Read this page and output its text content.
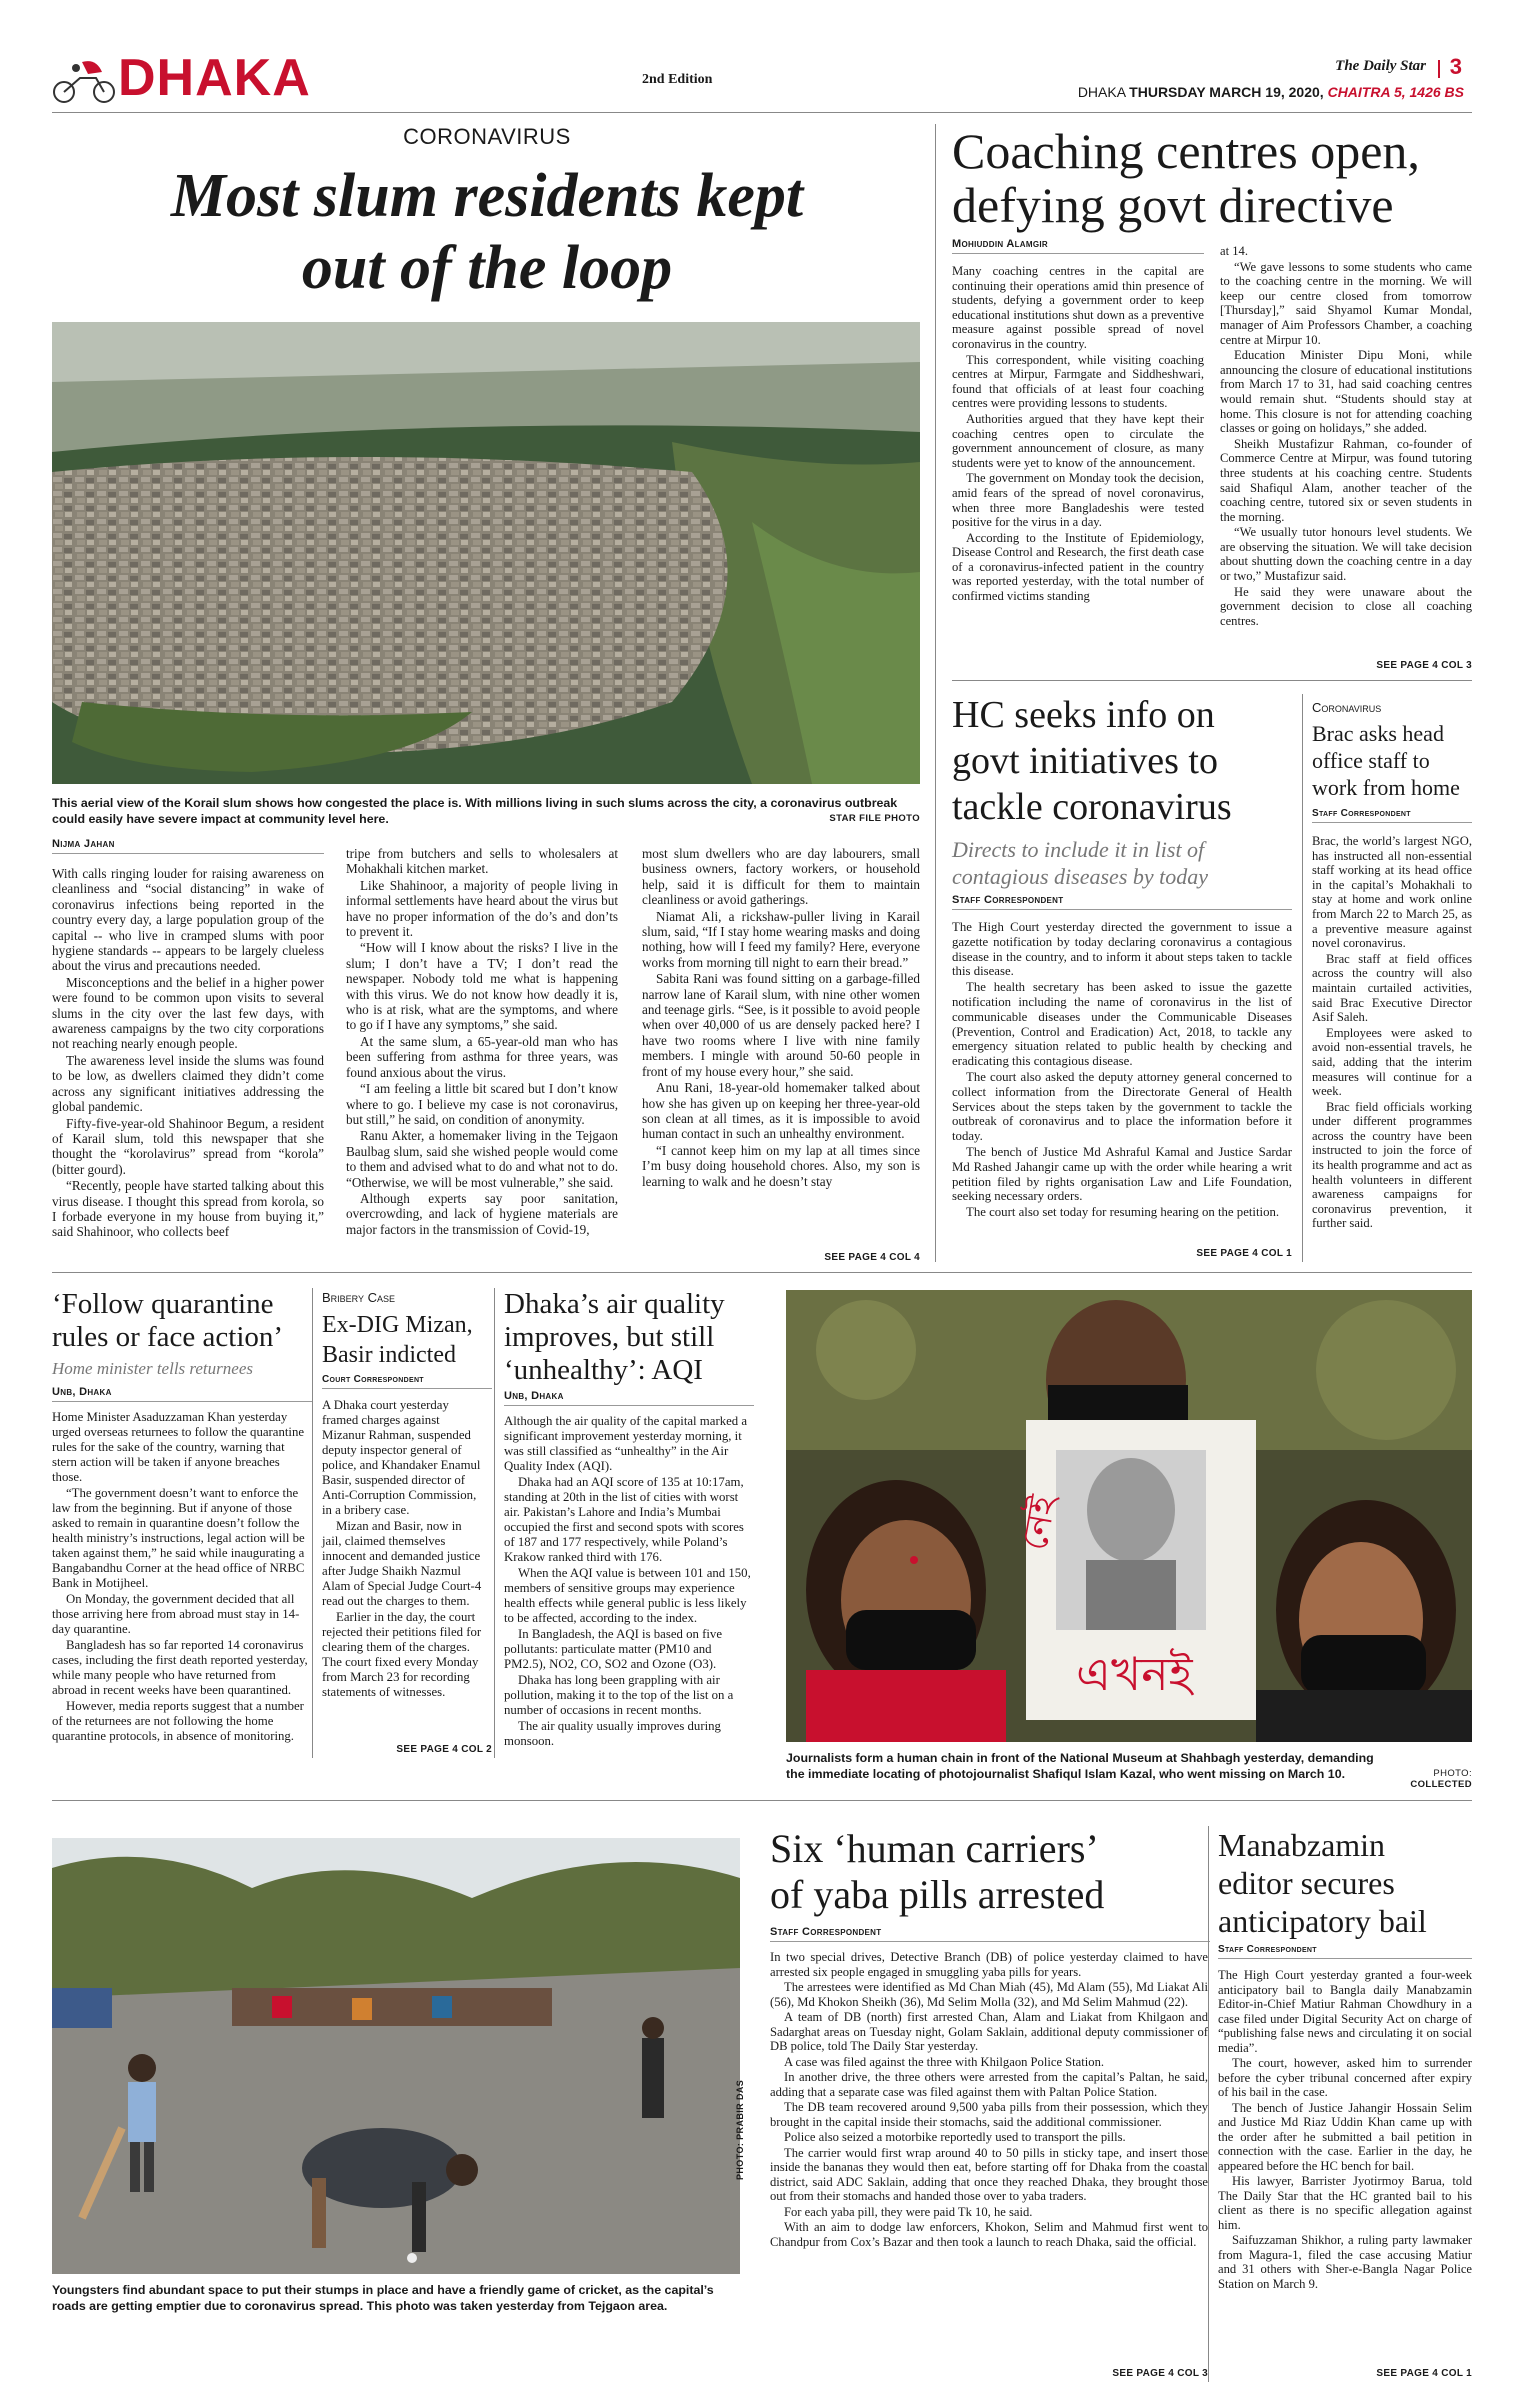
DHAKA	2nd Edition
The Daily Star 3
DHAKA THURSDAY MARCH 19, 2020, CHAITRA 5, 1426 BS
CORONAVIRUS
Most slum residents kept
out of the loop
This aerial view of the Korail slum shows how congested the place is. With millions living in such slums across the city, a coronavirus outbreak could easily have severe impact at community level here.	STAR FILE PHOTO
Nijma Jahan

With calls ringing louder for raising awareness on cleanliness and “social distancing” in wake of coronavirus infections being reported in the country every day, a large population group of the capital -- who live in cramped slums with poor hygiene standards -- appears to be largely clueless about the virus and precautions needed.

Misconceptions and the belief in a higher power were found to be common upon visits to several slums in the city over the last few days, with awareness campaigns by the two city corporations not reaching nearly enough people.

The awareness level inside the slums was found to be low, as dwellers claimed they didn’t come across any significant initiatives addressing the global pandemic.

Fifty-five-year-old Shahinoor Begum, a resident of Karail slum, told this newspaper that she thought the “korolavirus” spread from “korola” (bitter gourd).

“Recently, people have started talking about this virus disease. I thought this spread from korola, so I forbade everyone in my house from buying it,” said Shahinoor, who collects beef

tripe from butchers and sells to wholesalers at Mohakhali kitchen market.

Like Shahinoor, a majority of people living in informal settlements have heard about the virus but have no proper information of the do’s and don’ts to prevent it.

“How will I know about the risks? I live in the slum; I don’t have a TV; I don’t read the newspaper. Nobody told me what is happening with this virus. We do not know how deadly it is, who is at risk, what are the symptoms, and where to go if I have any symptoms,” she said.

At the same slum, a 65-year-old man who has been suffering from asthma for three years, was found anxious about the virus.

“I am feeling a little bit scared but I don’t know where to go. I believe my case is not coronavirus, but still,” he said, on condition of anonymity.

Ranu Akter, a homemaker living in the Tejgaon Baulbag slum, said she wished people would come to them and advised what to do and what not to do. “Otherwise, we will be most vulnerable,” she said.

Although experts say poor sanitation, overcrowding, and lack of hygiene materials are major factors in the transmission of Covid-19,

most slum dwellers who are day labourers, small business owners, factory workers, or household help, said it is difficult for them to maintain cleanliness or avoid gatherings.

Niamat Ali, a rickshaw-puller living in Karail slum, said, “If I stay home wearing masks and doing nothing, how will I feed my family? Here, everyone works from morning till night to earn their bread.”

Sabita Rani was found sitting on a garbage-filled narrow lane of Karail slum, with nine other women and teenage girls. “See, is it possible to avoid people when over 40,000 of us are densely packed here? I have two rooms where I live with nine family members. I mingle with around 50-60 people in front of my house every hour,” she said.

Anu Rani, 18-year-old homemaker talked about how she has given up on keeping her three-year-old son clean at all times, as it is impossible to avoid human contact in such an unhealthy environment.

“I cannot keep him on my lap at all times since I’m busy doing household chores. Also, my son is learning to walk and he doesn’t stay

SEE PAGE 4 COL 4
Coaching centres open,
defying govt directive
Mohiuddin Alamgir

Many coaching centres in the capital are continuing their operations amid thin presence of students, defying a government order to keep educational institutions shut down as a preventive measure against possible spread of novel coronavirus in the country.

This correspondent, while visiting coaching centres at Mirpur, Farmgate and Siddheshwari, found that officials of at least four coaching centres were providing lessons to students.

Authorities argued that they have kept their coaching centres open to circulate the government announcement of closure, as many students were yet to know of the announcement.

The government on Monday took the decision, amid fears of the spread of novel coronavirus, when three more Bangladeshis were tested positive for the virus in a day.

According to the Institute of Epidemiology, Disease Control and Research, the first death case of a coronavirus-infected patient in the country was reported yesterday, with the total number of confirmed victims standing

at 14.

“We gave lessons to some students who came to the coaching centre in the morning. We will keep our centre closed from tomorrow [Thursday],” said Shyamol Kumar Mondal, manager of Aim Professors Chamber, a coaching centre at Mirpur 10.

Education Minister Dipu Moni, while announcing the closure of educational institutions from March 17 to 31, had said coaching centres would remain shut. “Students should stay at home. This closure is not for attending coaching classes or going on holidays,” she added.

Sheikh Mustafizur Rahman, co-founder of Commerce Centre at Mirpur, was found tutoring three students at his coaching centre. Students said Shafiqul Alam, another teacher of the coaching centre, tutored six or seven students in the morning.

“We usually tutor honours level students. We are observing the situation. We will take decision about shutting down the coaching centre in a day or two,” Mustafizur said.

He said they were unaware about the government decision to close all coaching centres.

SEE PAGE 4 COL 3
HC seeks info on
govt initiatives to
tackle coronavirus
Directs to include it in list of
contagious diseases by today
Staff Correspondent

The High Court yesterday directed the government to issue a gazette notification by today declaring coronavirus a contagious disease in the country, and to inform it about steps taken to tackle this disease.

The health secretary has been asked to issue the gazette notification including the name of coronavirus in the list of communicable diseases under the Communicable Diseases (Prevention, Control and Eradication) Act, 2018, to tackle any emergency situation related to public health by checking and eradicating this contagious disease.

The court also asked the deputy attorney general concerned to collect information from the Directorate General of Health Services about the steps taken by the government to tackle the outbreak of coronavirus and to place the information before it today.

The bench of Justice Md Ashraful Kamal and Justice Sardar Md Rashed Jahangir came up with the order while hearing a writ petition filed by rights organisation Law and Life Foundation, seeking necessary orders.

The court also set today for resuming hearing on the petition.

SEE PAGE 4 COL 1
Coronavirus
Brac asks head
office staff to
work from home
Staff Correspondent

Brac, the world’s largest NGO, has instructed all non-essential staff working at its head office in the capital’s Mohakhali to stay at home and work online from March 22 to March 25, as a preventive measure against novel coronavirus.

Brac staff at field offices across the country will also maintain curtailed activities, said Brac Executive Director Asif Saleh.

Employees were asked to avoid non-essential travels, he said, adding that the interim measures will continue for a week.

Brac field officials working under different programmes across the country have been instructed to join the force of its health programme and act as health volunteers in different awareness campaigns for coronavirus prevention, it further said.

‘Follow quarantine
rules or face action’
Home minister tells returnees
Unb, Dhaka

Home Minister Asaduzzaman Khan yesterday urged overseas returnees to follow the quarantine rules for the sake of the country, warning that stern action will be taken if anyone breaches those.

“The government doesn’t want to enforce the law from the beginning. But if anyone of those asked to remain in quarantine doesn’t follow the health ministry’s instructions, legal action will be taken against them,” he said while inaugurating a Bangabandhu Corner at the head office of NRBC Bank in Motijheel.

On Monday, the government decided that all those arriving here from abroad must stay in 14-day quarantine.

Bangladesh has so far reported 14 coronavirus cases, including the first death reported yesterday, while many people who have returned from abroad in recent weeks have been quarantined.

However, media reports suggest that a number of the returnees are not following the home quarantine protocols, in absence of monitoring.

Bribery Case
Ex-DIG Mizan,
Basir indicted
Court Correspondent

A Dhaka court yesterday framed charges against Mizanur Rahman, suspended deputy inspector general of police, and Khandaker Enamul Basir, suspended director of Anti-Corruption Commission, in a bribery case.

Mizan and Basir, now in jail, claimed themselves innocent and demanded justice after Judge Shaikh Nazmul Alam of Special Judge Court-4 read out the charges to them.

Earlier in the day, the court rejected their petitions filed for clearing them of the charges. The court fixed every Monday from March 23 for recording statements of witnesses.

SEE PAGE 4 COL 2
Dhaka’s air quality
improves, but still
‘unhealthy’: AQI
Unb, Dhaka

Although the air quality of the capital marked a significant improvement yesterday morning, it was still classified as “unhealthy” in the Air Quality Index (AQI).

Dhaka had an AQI score of 135 at 10:17am, standing at 20th in the list of cities with worst air. Pakistan’s Lahore and India’s Mumbai occupied the first and second spots with scores of 187 and 177 respectively, while Poland’s Krakow ranked third with 176.

When the AQI value is between 101 and 150, members of sensitive groups may experience health effects while general public is less likely to be affected, according to the index.

In Bangladesh, the AQI is based on five pollutants: particulate matter (PM10 and PM2.5), NO2, CO, SO2 and Ozone (O3).

Dhaka has long been grappling with air pollution, making it to the top of the list on a number of occasions in recent months.

The air quality usually improves during monsoon.

নেই
এখনই
Journalists form a human chain in front of the National Museum at Shahbagh yesterday, demanding the immediate locating of photojournalist Shafiqul Islam Kazal, who went missing on March 10.	PHOTO: COLLECTED
PHOTO: PRABIR DAS
Youngsters find abundant space to put their stumps in place and have a friendly game of cricket, as the capital’s roads are getting emptier due to coronavirus spread. This photo was taken yesterday from Tejgaon area.
Six ‘human carriers’
of yaba pills arrested
Staff Correspondent

In two special drives, Detective Branch (DB) of police yesterday claimed to have arrested six people engaged in smuggling yaba pills for years.

The arrestees were identified as Md Chan Miah (45), Md Alam (55), Md Liakat Ali (56), Md Khokon Sheikh (36), Md Selim Molla (32), and Md Selim Mahmud (22).

A team of DB (north) first arrested Chan, Alam and Liakat from Khilgaon and Sadarghat areas on Tuesday night, Golam Saklain, additional deputy commissioner of DB police, told The Daily Star yesterday.

A case was filed against the three with Khilgaon Police Station.

In another drive, the three others were arrested from the capital’s Paltan, he said, adding that a separate case was filed against them with Paltan Police Station.

The DB team recovered around 9,500 yaba pills from their possession, which they brought in the capital inside their stomachs, said the additional commissioner.

Police also seized a motorbike reportedly used to transport the pills.

The carrier would first wrap around 40 to 50 pills in sticky tape, and insert those inside the bananas they would then eat, before starting off for Dhaka from the coastal district, said ADC Saklain, adding that once they reached Dhaka, they brought those out from their stomachs and handed those over to yaba traders.

For each yaba pill, they were paid Tk 10, he said.

With an aim to dodge law enforcers, Khokon, Selim and Mahmud first went to Chandpur from Cox’s Bazar and then took a launch to reach Dhaka, said the official.

SEE PAGE 4 COL 3
Manabzamin
editor secures
anticipatory bail
Staff Correspondent

The High Court yesterday granted a four-week anticipatory bail to Bangla daily Manabzamin Editor-in-Chief Matiur Rahman Chowdhury in a case filed under Digital Security Act on charge of “publishing false news and circulating it on social media”.

The court, however, asked him to surrender before the cyber tribunal concerned after expiry of his bail in the case.

The bench of Justice Jahangir Hossain Selim and Justice Md Riaz Uddin Khan came up with the order after he submitted a bail petition in connection with the case. Earlier in the day, he appeared before the HC bench for bail.

His lawyer, Barrister Jyotirmoy Barua, told The Daily Star that the HC granted bail to his client as there is no specific allegation against him.

Saifuzzaman Shikhor, a ruling party lawmaker from Magura-1, filed the case accusing Matiur and 31 others with Sher-e-Bangla Nagar Police Station on March 9.

SEE PAGE 4 COL 1
